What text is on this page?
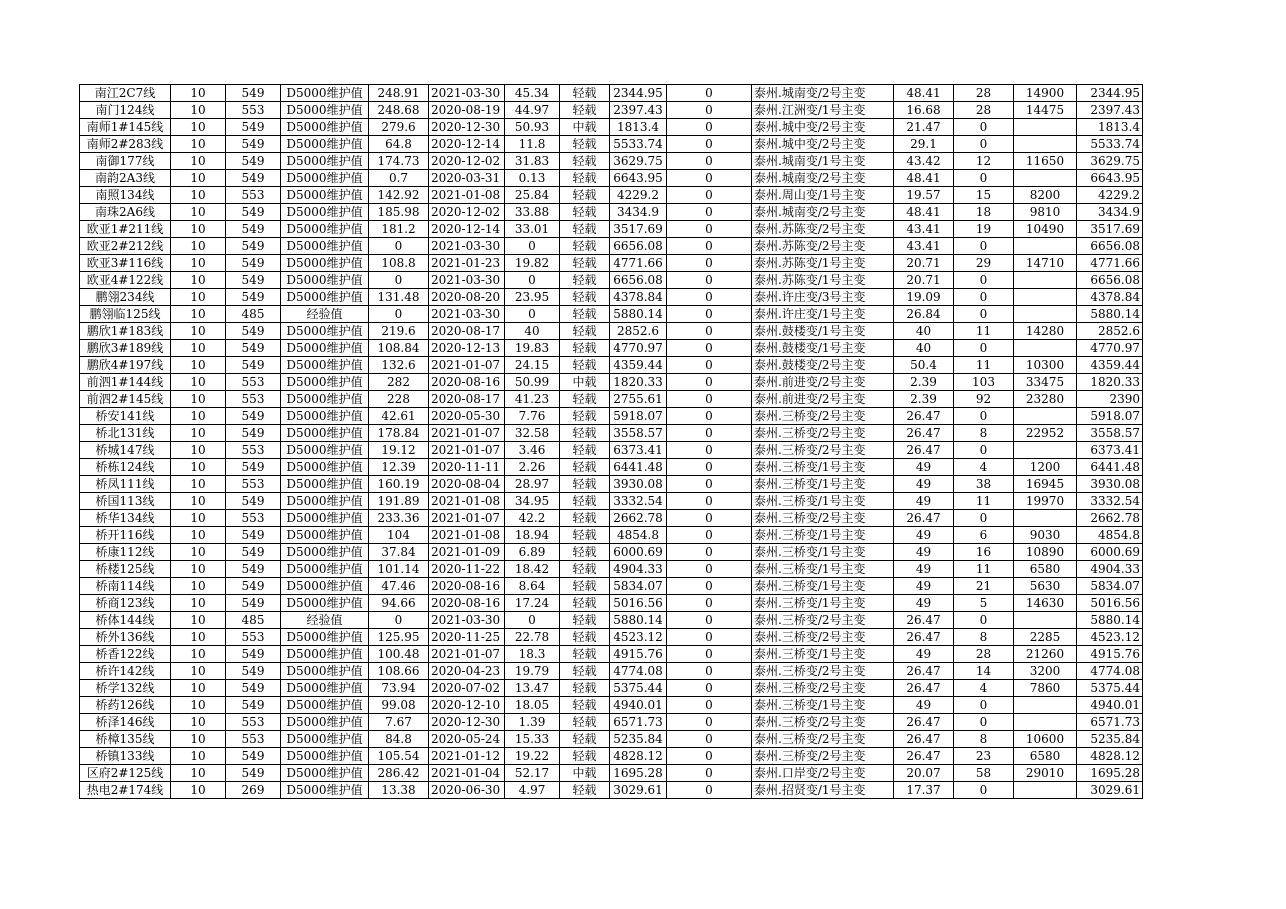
南江2C7线	10	549	D5000维护值	248.91	2021-03-30	45.34	轻载	2344.95	0	泰州.城南变/2号主变	48.41	28	14900	2344.95
南门124线	10	553	D5000维护值	248.68	2020-08-19	44.97	轻载	2397.43	0	泰州.江洲变/1号主变	16.68	28	14475	2397.43
南师1#145线	10	549	D5000维护值	279.6	2020-12-30	50.93	中载	1813.4	0	泰州.城中变/2号主变	21.47	0		1813.4
南师2#283线	10	549	D5000维护值	64.8	2020-12-14	11.8	轻载	5533.74	0	泰州.城中变/2号主变	29.1	0		5533.74
南御177线	10	549	D5000维护值	174.73	2020-12-02	31.83	轻载	3629.75	0	泰州.城南变/1号主变	43.42	12	11650	3629.75
南韵2A3线	10	549	D5000维护值	0.7	2020-03-31	0.13	轻载	6643.95	0	泰州.城南变/2号主变	48.41	0		6643.95
南照134线	10	553	D5000维护值	142.92	2021-01-08	25.84	轻载	4229.2	0	泰州.周山变/1号主变	19.57	15	8200	4229.2
南珠2A6线	10	549	D5000维护值	185.98	2020-12-02	33.88	轻载	3434.9	0	泰州.城南变/2号主变	48.41	18	9810	3434.9
欧亚1#211线	10	549	D5000维护值	181.2	2020-12-14	33.01	轻载	3517.69	0	泰州.苏陈变/2号主变	43.41	19	10490	3517.69
欧亚2#212线	10	549	D5000维护值	0	2021-03-30	0	轻载	6656.08	0	泰州.苏陈变/2号主变	43.41	0		6656.08
欧亚3#116线	10	549	D5000维护值	108.8	2021-01-23	19.82	轻载	4771.66	0	泰州.苏陈变/1号主变	20.71	29	14710	4771.66
欧亚4#122线	10	549	D5000维护值	0	2021-03-30	0	轻载	6656.08	0	泰州.苏陈变/1号主变	20.71	0		6656.08
鹏翎234线	10	549	D5000维护值	131.48	2020-08-20	23.95	轻载	4378.84	0	泰州.许庄变/3号主变	19.09	0		4378.84
鹏翎临125线	10	485	经验值	0	2021-03-30	0	轻载	5880.14	0	泰州.许庄变/1号主变	26.84	0		5880.14
鹏欣1#183线	10	549	D5000维护值	219.6	2020-08-17	40	轻载	2852.6	0	泰州.鼓楼变/1号主变	40	11	14280	2852.6
鹏欣3#189线	10	549	D5000维护值	108.84	2020-12-13	19.83	轻载	4770.97	0	泰州.鼓楼变/1号主变	40	0		4770.97
鹏欣4#197线	10	549	D5000维护值	132.6	2021-01-07	24.15	轻载	4359.44	0	泰州.鼓楼变/2号主变	50.4	11	10300	4359.44
前泗1#144线	10	553	D5000维护值	282	2020-08-16	50.99	中载	1820.33	0	泰州.前进变/2号主变	2.39	103	33475	1820.33
前泗2#145线	10	553	D5000维护值	228	2020-08-17	41.23	轻载	2755.61	0	泰州.前进变/2号主变	2.39	92	23280	2390
桥安141线	10	549	D5000维护值	42.61	2020-05-30	7.76	轻载	5918.07	0	泰州.三桥变/2号主变	26.47	0		5918.07
桥北131线	10	549	D5000维护值	178.84	2021-01-07	32.58	轻载	3558.57	0	泰州.三桥变/2号主变	26.47	8	22952	3558.57
桥城147线	10	553	D5000维护值	19.12	2021-01-07	3.46	轻载	6373.41	0	泰州.三桥变/2号主变	26.47	0		6373.41
桥栋124线	10	549	D5000维护值	12.39	2020-11-11	2.26	轻载	6441.48	0	泰州.三桥变/1号主变	49	4	1200	6441.48
桥凤111线	10	553	D5000维护值	160.19	2020-08-04	28.97	轻载	3930.08	0	泰州.三桥变/1号主变	49	38	16945	3930.08
桥国113线	10	549	D5000维护值	191.89	2021-01-08	34.95	轻载	3332.54	0	泰州.三桥变/1号主变	49	11	19970	3332.54
桥华134线	10	553	D5000维护值	233.36	2021-01-07	42.2	轻载	2662.78	0	泰州.三桥变/2号主变	26.47	0		2662.78
桥开116线	10	549	D5000维护值	104	2021-01-08	18.94	轻载	4854.8	0	泰州.三桥变/1号主变	49	6	9030	4854.8
桥康112线	10	549	D5000维护值	37.84	2021-01-09	6.89	轻载	6000.69	0	泰州.三桥变/1号主变	49	16	10890	6000.69
桥楼125线	10	549	D5000维护值	101.14	2020-11-22	18.42	轻载	4904.33	0	泰州.三桥变/1号主变	49	11	6580	4904.33
桥南114线	10	549	D5000维护值	47.46	2020-08-16	8.64	轻载	5834.07	0	泰州.三桥变/1号主变	49	21	5630	5834.07
桥商123线	10	549	D5000维护值	94.66	2020-08-16	17.24	轻载	5016.56	0	泰州.三桥变/1号主变	49	5	14630	5016.56
桥体144线	10	485	经验值	0	2021-03-30	0	轻载	5880.14	0	泰州.三桥变/2号主变	26.47	0		5880.14
桥外136线	10	553	D5000维护值	125.95	2020-11-25	22.78	轻载	4523.12	0	泰州.三桥变/2号主变	26.47	8	2285	4523.12
桥香122线	10	549	D5000维护值	100.48	2021-01-07	18.3	轻载	4915.76	0	泰州.三桥变/1号主变	49	28	21260	4915.76
桥许142线	10	549	D5000维护值	108.66	2020-04-23	19.79	轻载	4774.08	0	泰州.三桥变/2号主变	26.47	14	3200	4774.08
桥学132线	10	549	D5000维护值	73.94	2020-07-02	13.47	轻载	5375.44	0	泰州.三桥变/2号主变	26.47	4	7860	5375.44
桥药126线	10	549	D5000维护值	99.08	2020-12-10	18.05	轻载	4940.01	0	泰州.三桥变/1号主变	49	0		4940.01
桥泽146线	10	553	D5000维护值	7.67	2020-12-30	1.39	轻载	6571.73	0	泰州.三桥变/2号主变	26.47	0		6571.73
桥樟135线	10	553	D5000维护值	84.8	2020-05-24	15.33	轻载	5235.84	0	泰州.三桥变/2号主变	26.47	8	10600	5235.84
桥镇133线	10	549	D5000维护值	105.54	2021-01-12	19.22	轻载	4828.12	0	泰州.三桥变/2号主变	26.47	23	6580	4828.12
区府2#125线	10	549	D5000维护值	286.42	2021-01-04	52.17	中载	1695.28	0	泰州.口岸变/2号主变	20.07	58	29010	1695.28
热电2#174线	10	269	D5000维护值	13.38	2020-06-30	4.97	轻载	3029.61	0	泰州.招贤变/1号主变	17.37	0		3029.61
